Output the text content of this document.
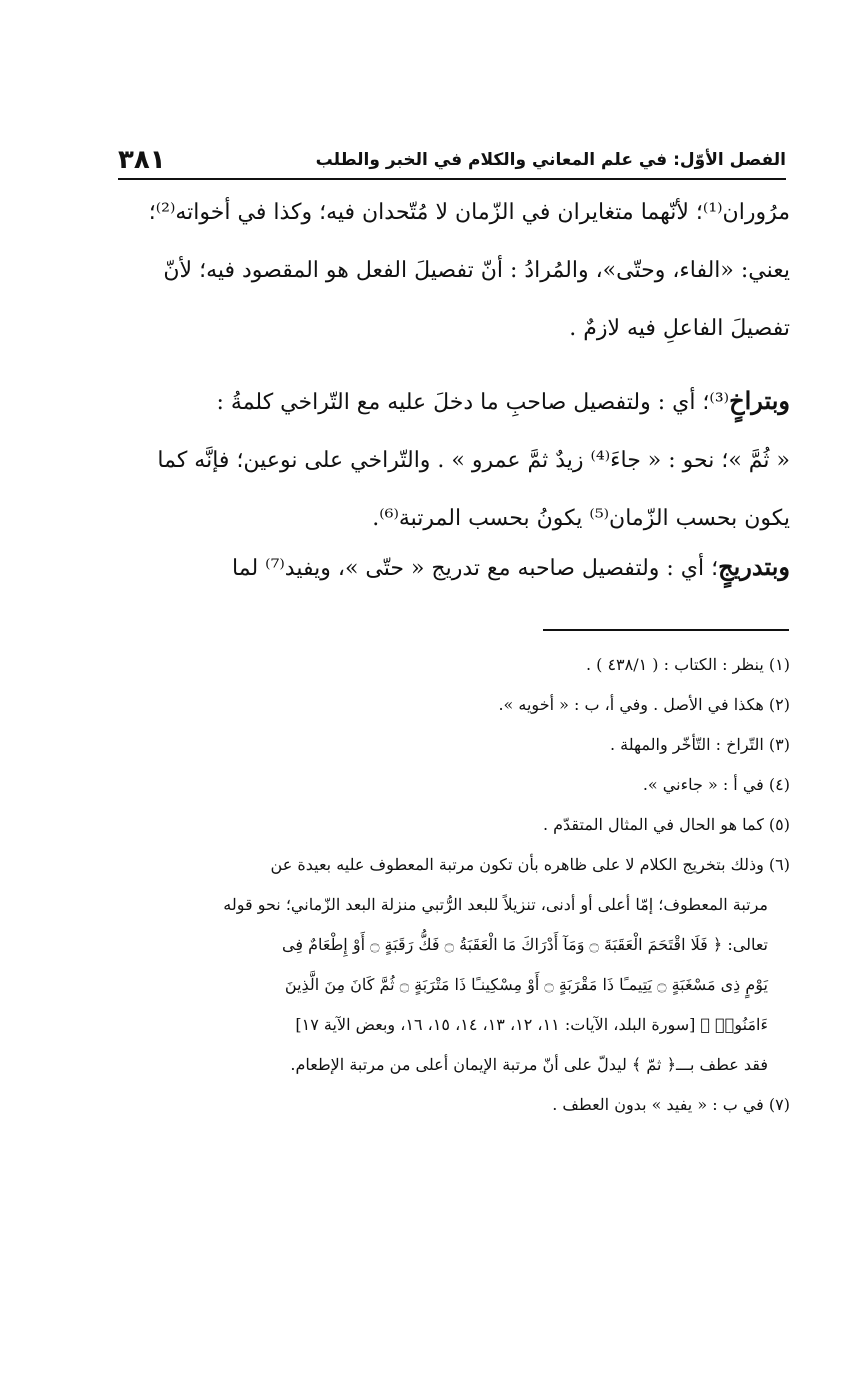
الفصل الأوّل: في علم المعاني والكلام في الخبر والطلب
٣٨١
مرُوران⁽¹⁾؛ لأنّهما متغايران في الزّمان لا مُتّحدان فيه؛ وكذا في أخواته⁽²⁾؛
يعني: «الفاء، وحتّى»، والمُرادُ : أنّ تفصيلَ الفعل هو المقصود فيه؛ لأنّ
تفصيلَ الفاعلِ فيه لازمٌ .
وبتراخٍ⁽³⁾؛ أي : ولتفصيل صاحبِ ما دخلَ عليه مع التّراخي كلمةُ :
« ثُمَّ »؛ نحو : « جاءَ⁽⁴⁾ زيدٌ ثمَّ عمرو » . والتّراخي على نوعين؛ فإنَّه كما
يكون بحسب الزّمان⁽⁵⁾ يكونُ بحسب المرتبة⁽⁶⁾.
وبتدريجٍ؛ أي : ولتفصيل صاحبه مع تدريج « حتّى »، ويفيد⁽⁷⁾ لما
(١) ينظر : الكتاب : ( ٤٣٨/١ ) .
(٢) هكذا في الأصل . وفي أ، ب : « أخويه ».
(٣) التّراخ : التّأخّر والمهلة .
(٤) في أ : « جاءني ».
(٥) كما هو الحال في المثال المتقدّم .
(٦) وذلك بتخريج الكلام لا على ظاهره بأن تكون مرتبة المعطوف عليه بعيدة عن
مرتبة المعطوف؛ إمّا أعلى أو أدنى، تنزيلاً للبعد الرُّتبي منزلة البعد الزّماني؛ نحو قوله
تعالى: ﴿ فَلَا اقْتَحَمَ الْعَقَبَةَ ۝ وَمَآ أَدْرَاكَ مَا الْعَقَبَةُ ۝ فَكُّ رَقَبَةٍ ۝ أَوْ إِطْعَامٌ فِى
يَوْمٍ ذِى مَسْغَبَةٍ ۝ يَتِيمـًا ذَا مَقْرَبَةٍ ۝ أَوْ مِسْكِينـًا ذَا مَتْرَبَةٍ ۝ ثُمَّ كَانَ مِنَ الَّذِينَ
ءَامَنُوا۟ ﴾ [سورة البلد، الآيات: ١١، ١٢، ١٣، ١٤، ١٥، ١٦، وبعض الآية ١٧]
فقد عطف بـــ﴿ ثمّ ﴾ ليدلّ على أنّ مرتبة الإيمان أعلى من مرتبة الإطعام.
(٧) في ب : « يفيد » بدون العطف .
